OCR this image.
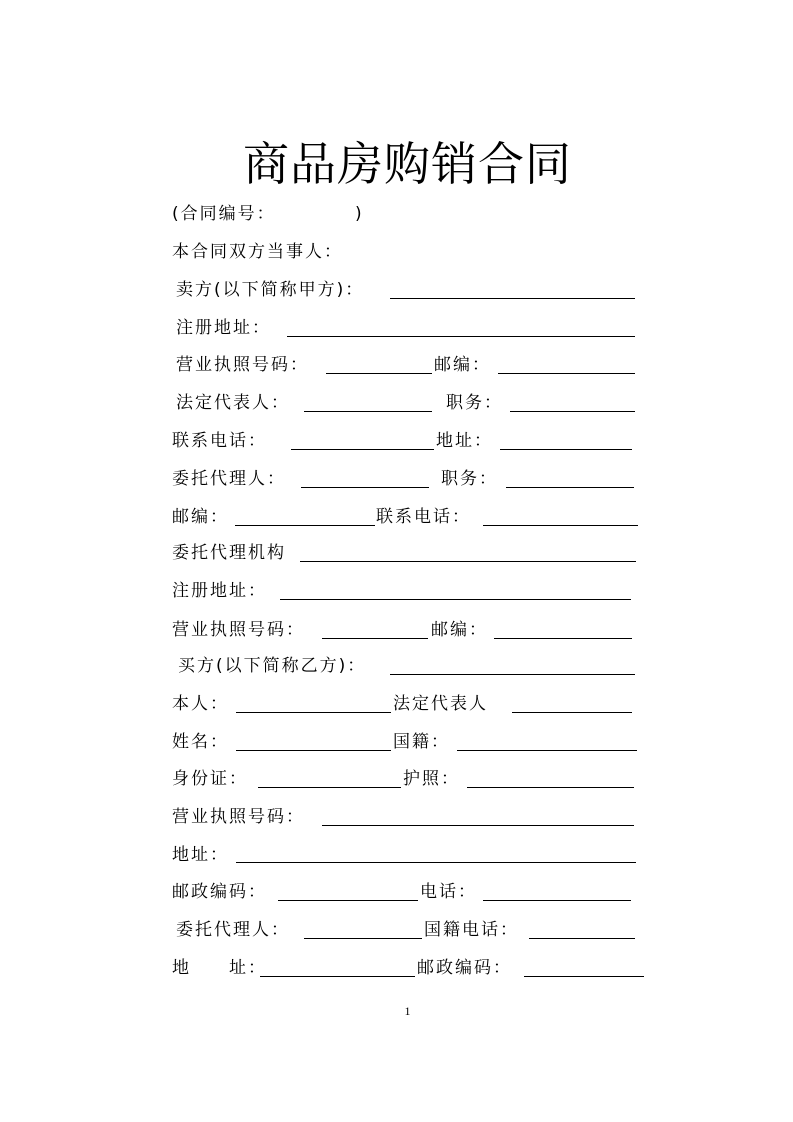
商品房购销合同
(合同编号：	)
本合同双方当事人：
卖方(以下简称甲方)：
注册地址：
营业执照号码：	邮编：
法定代表人：	职务：
联系电话：	地址：
委托代理人：	职务：
邮编：	联系电话：
委托代理机构
注册地址：
营业执照号码：	邮编：
买方(以下简称乙方)：
本人：	法定代表人
姓名：	国籍：
身份证：	护照：
营业执照号码：
地址：
邮政编码：	电话：
委托代理人：	国籍电话：
地　　址：	邮政编码：
1
